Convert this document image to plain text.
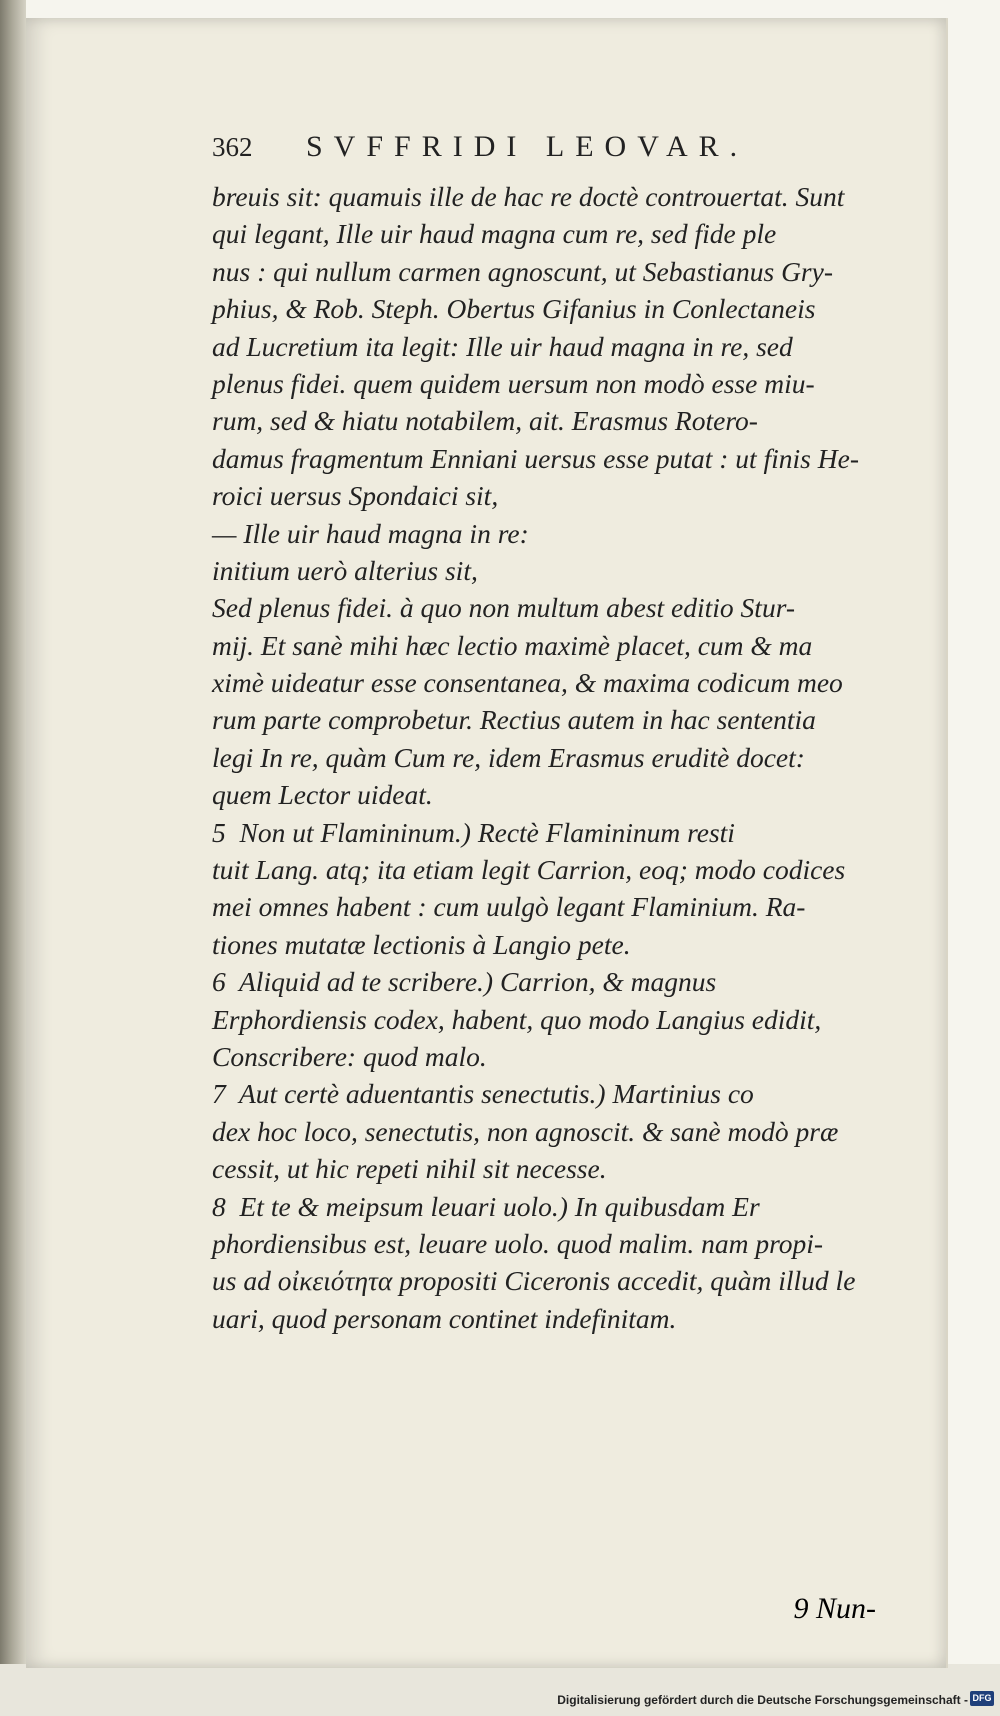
362	SVFFRIDI LEOVAR.
breuis sit: quamuis ille de hac re doctè controuertat. Sunt
qui legant, Ille uir haud magna cum re, sed fide ple
nus : qui nullum carmen agnoscunt, ut Sebastianus Gry-
phius, & Rob. Steph. Obertus Gifanius in Conlectaneis
ad Lucretium ita legit: Ille uir haud magna in re, sed
plenus fidei. quem quidem uersum non modò esse miu-
rum, sed & hiatu notabilem, ait. Erasmus Rotero-
damus fragmentum Enniani uersus esse putat : ut finis He-
roici uersus Spondaici sit,
— Ille uir haud magna in re:
initium uerò alterius sit,
Sed plenus fidei. à quo non multum abest editio Stur-
mij. Et sanè mihi hæc lectio maximè placet, cum & ma
ximè uideatur esse consentanea, & maxima codicum meo
rum parte comprobetur. Rectius autem in hac sententia
legi In re, quàm Cum re, idem Erasmus eruditè docet:
quem Lector uideat.
5  Non ut Flamininum.) Rectè Flamininum resti
tuit Lang. atq; ita etiam legit Carrion, eoq; modo codices
mei omnes habent : cum uulgò legant Flaminium. Ra-
tiones mutatæ lectionis à Langio pete.
6  Aliquid ad te scribere.) Carrion, & magnus
Erphordiensis codex, habent, quo modo Langius edidit,
Conscribere: quod malo.
7  Aut certè aduentantis senectutis.) Martinius co
dex hoc loco, senectutis, non agnoscit. & sanè modò præ
cessit, ut hic repeti nihil sit necesse.
8  Et te & meipsum leuari uolo.) In quibusdam Er
phordiensibus est, leuare uolo. quod malim. nam propi-
us ad οἰκειότητα propositi Ciceronis accedit, quàm illud le
uari, quod personam continet indefinitam.
9 Nun-
Digitalisierung gefördert durch die Deutsche Forschungsgemeinschaft - DFG
